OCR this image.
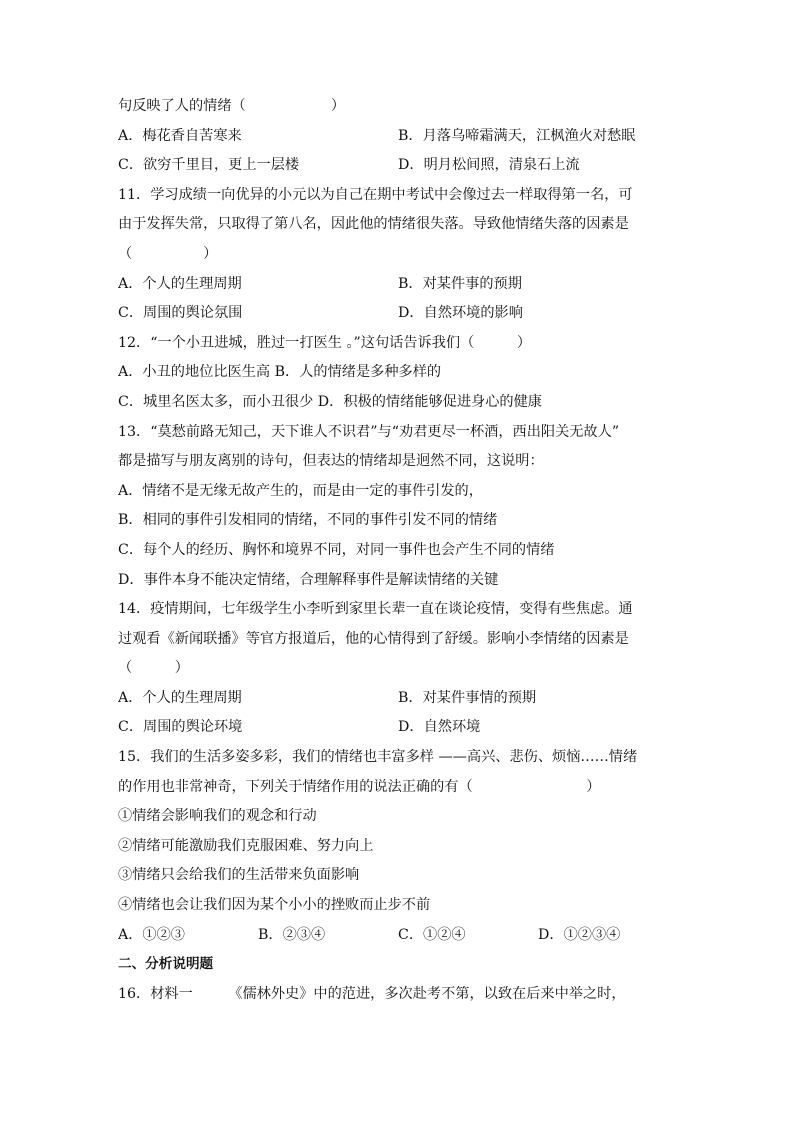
句反映了人的情绪（　　　　　　）
A．梅花香自苦寒来	B．月落乌啼霜满天，江枫渔火对愁眠
C．欲穷千里目，更上一层楼	D．明月松间照，清泉石上流
11．学习成绩一向优异的小元以为自己在期中考试中会像过去一样取得第一名，可
由于发挥失常，只取得了第八名，因此他的情绪很失落。导致他情绪失落的因素是
（　　　　　）
A．个人的生理周期	B．对某件事的预期
C．周围的舆论氛围	D．自然环境的影响
12．“一个小丑进城，胜过一打医生 。”这句话告诉我们（　　　）
A．小丑的地位比医生高 B．人的情绪是多种多样的
C．城里名医太多，而小丑很少 D．积极的情绪能够促进身心的健康
13．“莫愁前路无知己，天下谁人不识君”与“劝君更尽一杯酒，西出阳关无故人”
都是描写与朋友离别的诗句，但表达的情绪却是迥然不同，这说明：
A．情绪不是无缘无故产生的，而是由一定的事件引发的，
B．相同的事件引发相同的情绪，不同的事件引发不同的情绪
C．每个人的经历、胸怀和境界不同，对同一事件也会产生不同的情绪
D．事件本身不能决定情绪，合理解释事件是解读情绪的关键
14．疫情期间，七年级学生小李听到家里长辈一直在谈论疫情，变得有些焦虑。通
过观看《新闻联播》等官方报道后，他的心情得到了舒缓。影响小李情绪的因素是
（　　　）
A．个人的生理周期	B．对某件事情的预期
C．周围的舆论环境	D．自然环境
15．我们的生活多姿多彩，我们的情绪也丰富多样 ——高兴、悲伤、烦恼……情绪
的作用也非常神奇，下列关于情绪作用的说法正确的有（　　　　　　　　）
①情绪会影响我们的观念和行动
②情绪可能激励我们克服困难、努力向上
③情绪只会给我们的生活带来负面影响
④情绪也会让我们因为某个小小的挫败而止步不前
A．①②③	B．②③④	C．①②④	D．①②③④
二、分析说明题
16．材料一　　　《儒林外史》中的范进，多次赴考不第，以致在后来中举之时，
